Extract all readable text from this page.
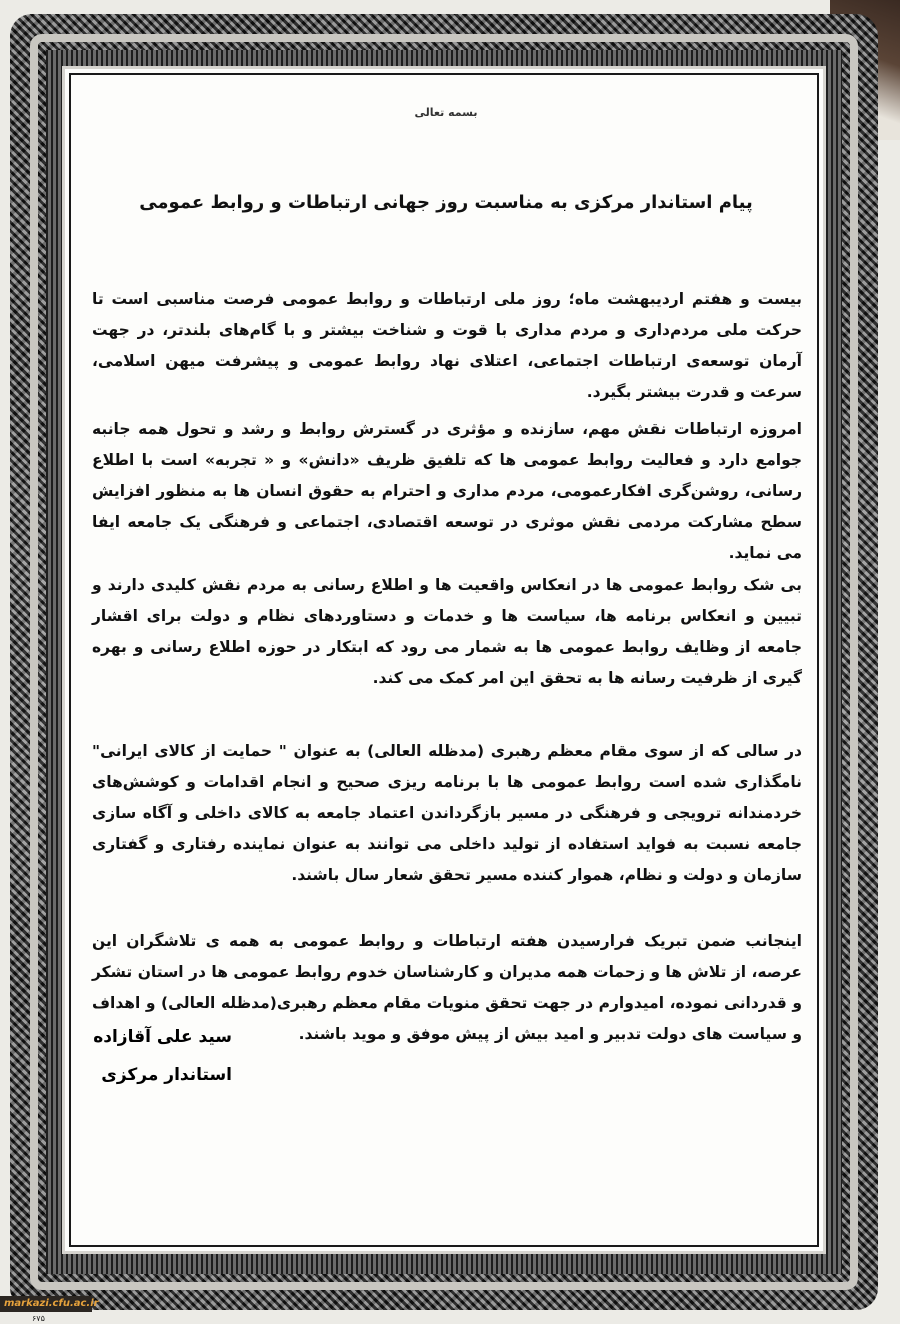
بسمه تعالی
پیام استاندار مرکزی به مناسبت روز جهانی ارتباطات و روابط عمومی

بیست و هفتم اردیبهشت ماه؛ روز ملی ارتباطات و روابط عمومی فرصت مناسبی است تا حرکت ملی مردم‌داری و مردم مداری با قوت و شناخت بیشتر و با گام‌های بلندتر، در جهت آرمان توسعه‌ی ارتباطات اجتماعی، اعتلای نهاد روابط عمومی و پیشرفت میهن اسلامی، سرعت و قدرت بیشتر بگیرد.

امروزه ارتباطات نقش مهم، سازنده و مؤثری در گسترش روابط و رشد و تحول همه جانبه جوامع دارد و فعالیت روابط عمومی ها که تلفیق ظریف «دانش» و « تجربه» است با اطلاع رسانی، روشن‌گری افکارعمومی، مردم مداری و احترام به حقوق انسان ها به منظور افزایش سطح مشارکت مردمی نقش موثری در توسعه اقتصادی، اجتماعی و فرهنگی یک جامعه ایفا می نماید.

بی شک روابط عمومی ها در انعکاس واقعیت ها و اطلاع رسانی به مردم نقش کلیدی دارند و تبیین و انعکاس برنامه ها، سیاست ها و خدمات و دستاوردهای نظام و دولت برای اقشار جامعه از وظایف روابط عمومی ها به شمار می رود که ابتکار در حوزه اطلاع رسانی و بهره گیری از ظرفیت رسانه ها به تحقق این امر کمک می کند.

در سالی که از سوی مقام معظم رهبری (مدظله العالی) به عنوان " حمایت از کالای ایرانی" نامگذاری شده است روابط عمومی ها با برنامه ریزی صحیح و انجام اقدامات و کوشش‌های خردمندانه ترویجی و فرهنگی در مسیر بازگرداندن اعتماد جامعه به کالای داخلی و آگاه سازی جامعه نسبت به فواید استفاده از تولید داخلی می توانند به عنوان نماینده رفتاری و گفتاری سازمان و دولت و نظام، هموار کننده مسیر تحقق شعار سال باشند.

اینجانب ضمن تبریک فرارسیدن هفته ارتباطات و روابط عمومی به همه ی تلاشگران این عرصه، از تلاش ها و زحمات همه مدیران و کارشناسان خدوم روابط عمومی ها در استان تشکر و قدردانی نموده، امیدوارم در جهت تحقق منویات مقام معظم رهبری(مدظله العالی) و اهداف و سیاست های دولت تدبیر و امید بیش از پیش موفق و موید باشند.

سید علی آقازاده
استاندار مرکزی
markazi.cfu.ac.ir
۶۷۵
